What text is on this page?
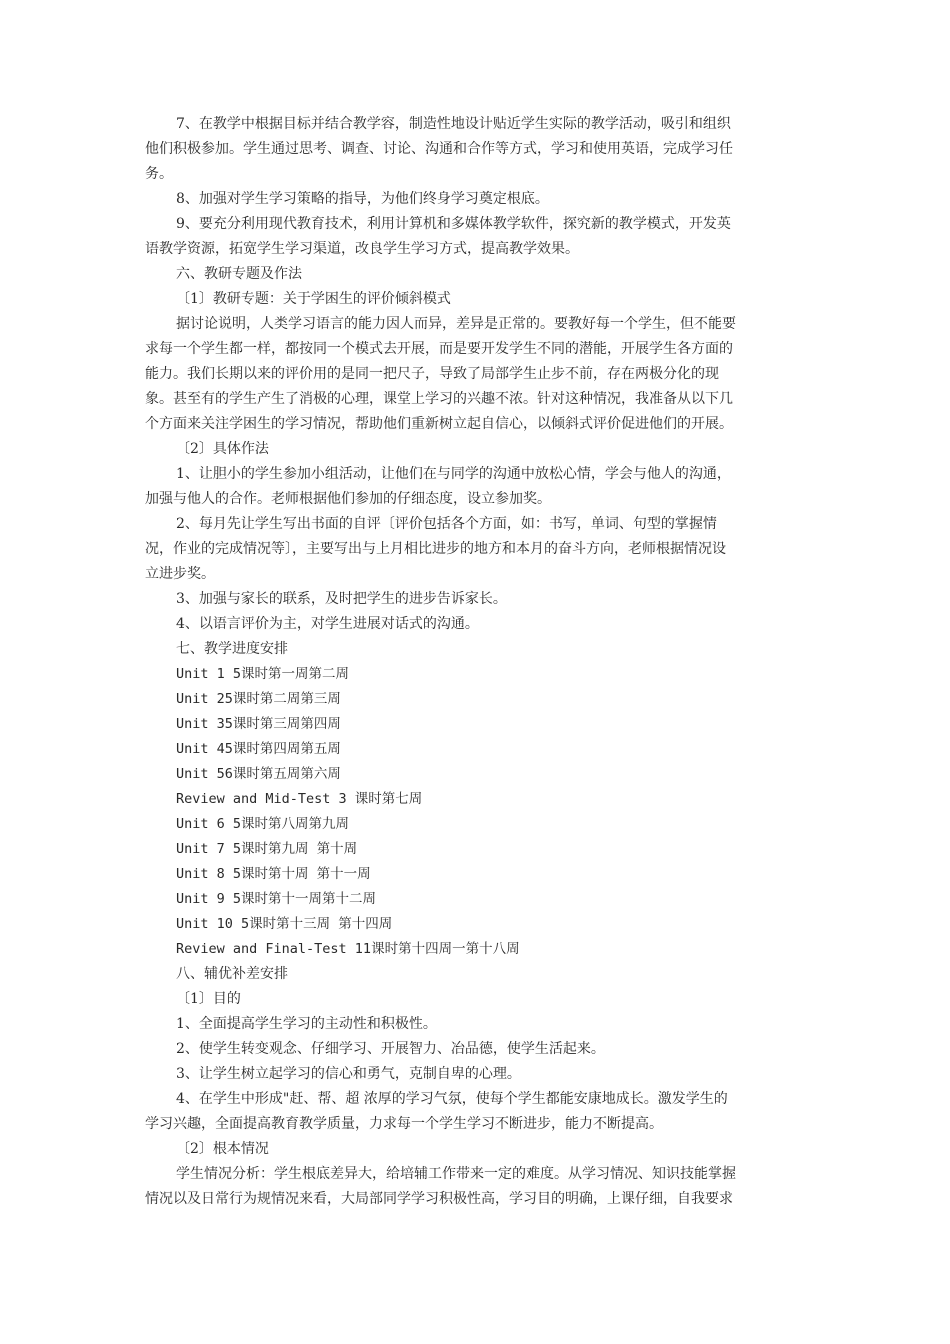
7、在教学中根据目标并结合教学容，制造性地设计贴近学生实际的教学活动，吸引和组织
他们积极参加。学生通过思考、调查、讨论、沟通和合作等方式，学习和使用英语，完成学习任
务。
8、加强对学生学习策略的指导，为他们终身学习奠定根底。
9、要充分利用现代教育技术，利用计算机和多媒体教学软件，探究新的教学模式，开发英
语教学资源，拓宽学生学习渠道，改良学生学习方式，提高教学效果。
六、教研专题及作法
〔1〕教研专题：关于学困生的评价倾斜模式
据讨论说明，人类学习语言的能力因人而异，差异是正常的。要教好每一个学生，但不能要
求每一个学生都一样，都按同一个模式去开展，而是要开发学生不同的潜能，开展学生各方面的
能力。我们长期以来的评价用的是同一把尺子，导致了局部学生止步不前，存在两极分化的现
象。甚至有的学生产生了消极的心理，课堂上学习的兴趣不浓。针对这种情况，我准备从以下几
个方面来关注学困生的学习情况，帮助他们重新树立起自信心，以倾斜式评价促进他们的开展。
〔2〕具体作法
1、让胆小的学生参加小组活动，让他们在与同学的沟通中放松心情，学会与他人的沟通，
加强与他人的合作。老师根据他们参加的仔细态度，设立参加奖。
2、每月先让学生写出书面的自评〔评价包括各个方面，如：书写，单词、句型的掌握情
况，作业的完成情况等〕，主要写出与上月相比进步的地方和本月的奋斗方向，老师根据情况设
立进步奖。
3、加强与家长的联系，及时把学生的进步告诉家长。
4、以语言评价为主，对学生进展对话式的沟通。
七、教学进度安排
Unit 1 5课时第一周第二周
Unit 25课时第二周第三周
Unit 35课时第三周第四周
Unit 45课时第四周第五周
Unit 56课时第五周第六周
Review and Mid-Test 3 课时第七周
Unit 6 5课时第八周第九周
Unit 7 5课时第九周 第十周
Unit 8 5课时第十周 第十一周
Unit 9 5课时第十一周第十二周
Unit 10 5课时第十三周 第十四周
Review and Final-Test 11课时第十四周一第十八周
八、辅优补差安排
〔1〕目的
1、全面提高学生学习的主动性和积极性。
2、使学生转变观念、仔细学习、开展智力、冶品德，使学生活起来。
3、让学生树立起学习的信心和勇气，克制自卑的心理。
4、在学生中形成"赶、帮、超 浓厚的学习气氛，使每个学生都能安康地成长。激发学生的
学习兴趣，全面提高教育教学质量，力求每一个学生学习不断进步，能力不断提高。
〔2〕根本情况
学生情况分析：学生根底差异大，给培辅工作带来一定的难度。从学习情况、知识技能掌握
情况以及日常行为规情况来看，大局部同学学习积极性高，学习目的明确，上课仔细，自我要求
